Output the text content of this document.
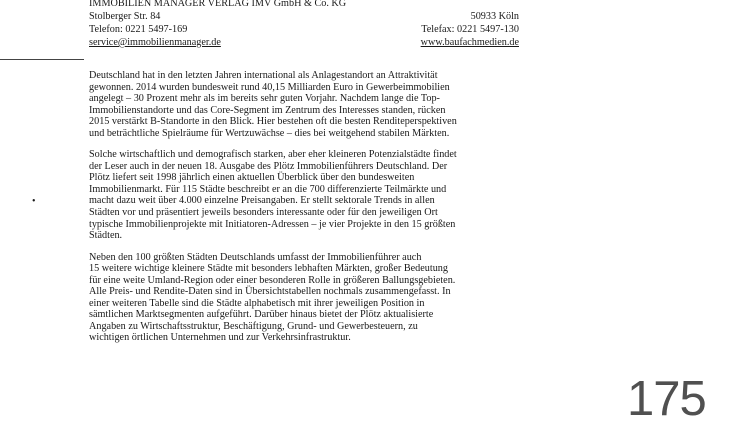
IMMOBILIEN MANAGER VERLAG IMV GmbH & Co. KG
Stolberger Str. 84	50933 Köln
Telefon: 0221 5497-169	Telefax: 0221 5497-130
service@immobilienmanager.de	www.baufachmedien.de
•
Deutschland hat in den letzten Jahren international als Anlagestandort an Attraktivität
gewonnen. 2014 wurden bundesweit rund 40,15 Milliarden Euro in Gewerbeimmobilien
angelegt – 30 Prozent mehr als im bereits sehr guten Vorjahr. Nachdem lange die Top-
Immobilienstandorte und das Core-Segment im Zentrum des Interesses standen, rücken
2015 verstärkt B-Standorte in den Blick. Hier bestehen oft die besten Renditeperspektiven
und beträchtliche Spielräume für Wertzuwächse – dies bei weitgehend stabilen Märkten.
Solche wirtschaftlich und demografisch starken, aber eher kleineren Potenzialstädte findet
der Leser auch in der neuen 18. Ausgabe des Plötz Immobilienführers Deutschland. Der
Plötz liefert seit 1998 jährlich einen aktuellen Überblick über den bundesweiten
Immobilienmarkt. Für 115 Städte beschreibt er an die 700 differenzierte Teilmärkte und
macht dazu weit über 4.000 einzelne Preisangaben. Er stellt sektorale Trends in allen
Städten vor und präsentiert jeweils besonders interessante oder für den jeweiligen Ort
typische Immobilienprojekte mit Initiatoren-Adressen – je vier Projekte in den 15 größten
Städten.
Neben den 100 größten Städten Deutschlands umfasst der Immobilienführer auch
15 weitere wichtige kleinere Städte mit besonders lebhaften Märkten, großer Bedeutung
für eine weite Umland-Region oder einer besonderen Rolle in größeren Ballungsgebieten.
Alle Preis- und Rendite-Daten sind in Übersichtstabellen nochmals zusammengefasst. In
einer weiteren Tabelle sind die Städte alphabetisch mit ihrer jeweiligen Position in
sämtlichen Marktsegmenten aufgeführt. Darüber hinaus bietet der Plötz aktualisierte
Angaben zu Wirtschaftsstruktur, Beschäftigung, Grund- und Gewerbesteuern, zu
wichtigen örtlichen Unternehmen und zur Verkehrsinfrastruktur.
175
